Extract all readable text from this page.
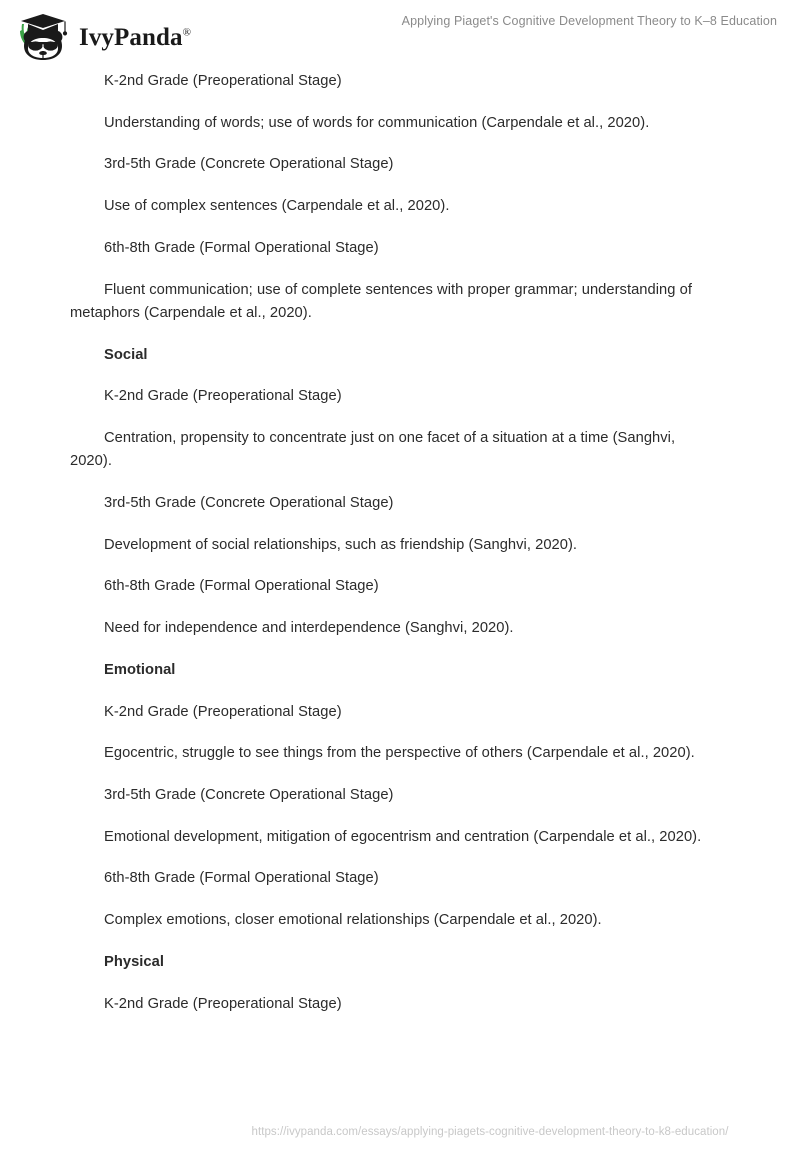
IvyPanda®
Applying Piaget's Cognitive Development Theory to K–8 Education

K-2nd Grade (Preoperational Stage)

Understanding of words; use of words for communication (Carpendale et al., 2020).

3rd-5th Grade (Concrete Operational Stage)

Use of complex sentences (Carpendale et al., 2020).

6th-8th Grade (Formal Operational Stage)

Fluent communication; use of complete sentences with proper grammar; understanding of metaphors (Carpendale et al., 2020).

Social

K-2nd Grade (Preoperational Stage)

Centration, propensity to concentrate just on one facet of a situation at a time (Sanghvi, 2020).

3rd-5th Grade (Concrete Operational Stage)

Development of social relationships, such as friendship (Sanghvi, 2020).

6th-8th Grade (Formal Operational Stage)

Need for independence and interdependence (Sanghvi, 2020).

Emotional

K-2nd Grade (Preoperational Stage)

Egocentric, struggle to see things from the perspective of others (Carpendale et al., 2020).

3rd-5th Grade (Concrete Operational Stage)

Emotional development, mitigation of egocentrism and centration (Carpendale et al., 2020).

6th-8th Grade (Formal Operational Stage)

Complex emotions, closer emotional relationships (Carpendale et al., 2020).

Physical

K-2nd Grade (Preoperational Stage)

https://ivypanda.com/essays/applying-piagets-cognitive-development-theory-to-k8-education/
